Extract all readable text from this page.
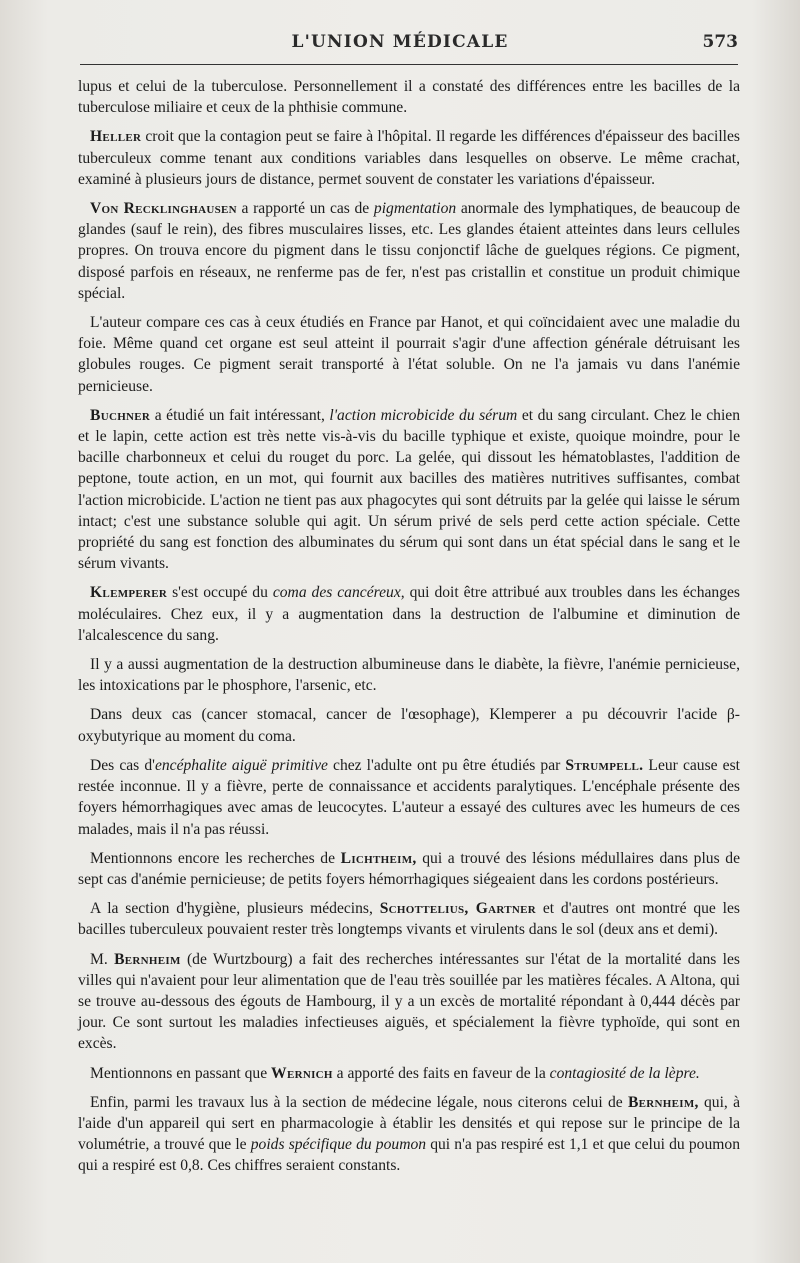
L'UNION MÉDICALE	573

lupus et celui de la tuberculose. Personnellement il a constaté des différences entre les bacilles de la tuberculose miliaire et ceux de la phthisie commune.

Heller croit que la contagion peut se faire à l'hôpital. Il regarde les différences d'épaisseur des bacilles tuberculeux comme tenant aux conditions variables dans lesquelles on observe. Le même crachat, examiné à plusieurs jours de distance, permet souvent de constater les variations d'épaisseur.

Von Recklinghausen a rapporté un cas de pigmentation anormale des lymphatiques, de beaucoup de glandes (sauf le rein), des fibres musculaires lisses, etc. Les glandes étaient atteintes dans leurs cellules propres. On trouva encore du pigment dans le tissu conjonctif lâche de guelques régions. Ce pigment, disposé parfois en réseaux, ne renferme pas de fer, n'est pas cristallin et constitue un produit chimique spécial.

L'auteur compare ces cas à ceux étudiés en France par Hanot, et qui coïncidaient avec une maladie du foie. Même quand cet organe est seul atteint il pourrait s'agir d'une affection générale détruisant les globules rouges. Ce pigment serait transporté à l'état soluble. On ne l'a jamais vu dans l'anémie pernicieuse.

Buchner a étudié un fait intéressant, l'action microbicide du sérum et du sang circulant. Chez le chien et le lapin, cette action est très nette vis-à-vis du bacille typhique et existe, quoique moindre, pour le bacille charbonneux et celui du rouget du porc. La gelée, qui dissout les hématoblastes, l'addition de peptone, toute action, en un mot, qui fournit aux bacilles des matières nutritives suffisantes, combat l'action microbicide. L'action ne tient pas aux phagocytes qui sont détruits par la gelée qui laisse le sérum intact; c'est une substance soluble qui agit. Un sérum privé de sels perd cette action spéciale. Cette propriété du sang est fonction des albuminates du sérum qui sont dans un état spécial dans le sang et le sérum vivants.

Klemperer s'est occupé du coma des cancéreux, qui doit être attribué aux troubles dans les échanges moléculaires. Chez eux, il y a augmentation dans la destruction de l'albumine et diminution de l'alcalescence du sang.

Il y a aussi augmentation de la destruction albumineuse dans le diabète, la fièvre, l'anémie pernicieuse, les intoxications par le phosphore, l'arsenic, etc.

Dans deux cas (cancer stomacal, cancer de l'œsophage), Klemperer a pu découvrir l'acide β-oxybutyrique au moment du coma.

Des cas d'encéphalite aiguë primitive chez l'adulte ont pu être étudiés par Strumpell. Leur cause est restée inconnue. Il y a fièvre, perte de connaissance et accidents paralytiques. L'encéphale présente des foyers hémorrhagiques avec amas de leucocytes. L'auteur a essayé des cultures avec les humeurs de ces malades, mais il n'a pas réussi.

Mentionnons encore les recherches de Lichtheim, qui a trouvé des lésions médullaires dans plus de sept cas d'anémie pernicieuse; de petits foyers hémorrhagiques siégeaient dans les cordons postérieurs.

A la section d'hygiène, plusieurs médecins, Schottelius, Gartner et d'autres ont montré que les bacilles tuberculeux pouvaient rester très longtemps vivants et virulents dans le sol (deux ans et demi).

M. Bernheim (de Wurtzbourg) a fait des recherches intéressantes sur l'état de la mortalité dans les villes qui n'avaient pour leur alimentation que de l'eau très souillée par les matières fécales. A Altona, qui se trouve au-dessous des égouts de Hambourg, il y a un excès de mortalité répondant à 0,444 décès par jour. Ce sont surtout les maladies infectieuses aiguës, et spécialement la fièvre typhoïde, qui sont en excès.

Mentionnons en passant que Wernich a apporté des faits en faveur de la contagiosité de la lèpre.

Enfin, parmi les travaux lus à la section de médecine légale, nous citerons celui de Bernheim, qui, à l'aide d'un appareil qui sert en pharmacologie à établir les densités et qui repose sur le principe de la volumétrie, a trouvé que le poids spécifique du poumon qui n'a pas respiré est 1,1 et que celui du poumon qui a respiré est 0,8. Ces chiffres seraient constants.
